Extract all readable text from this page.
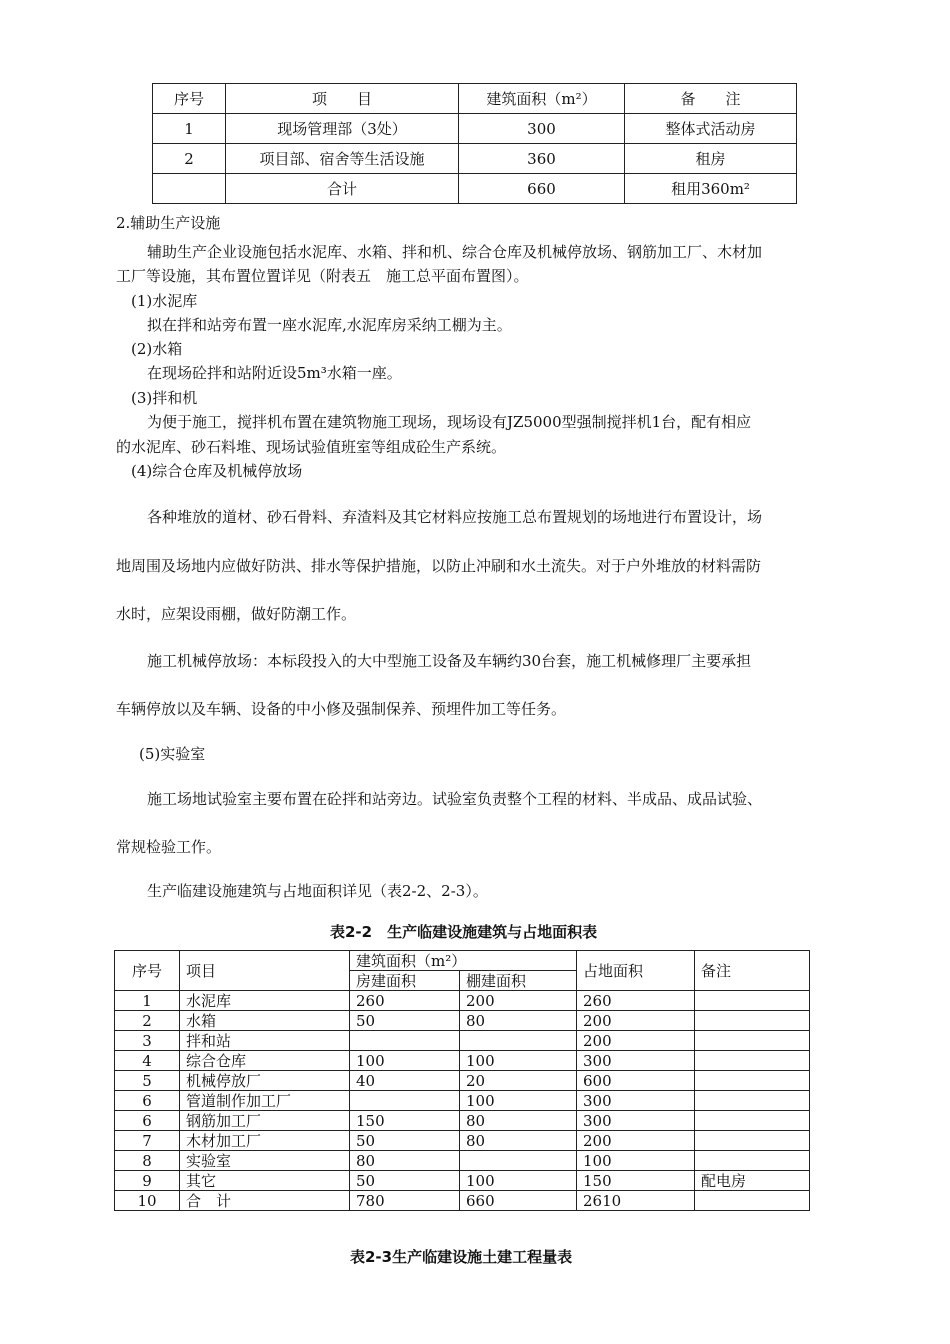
序号	项　　目	建筑面积（m²）	备　　注
1	现场管理部（3处）	300	整体式活动房
2	项目部、宿舍等生活设施	360	租房
	合计	660	租用360m²
2.辅助生产设施
辅助生产企业设施包括水泥库、水箱、拌和机、综合仓库及机械停放场、钢筋加工厂、木材加
工厂等设施，其布置位置详见（附表五　施工总平面布置图）。
(1)水泥库
拟在拌和站旁布置一座水泥库,水泥库房采纳工棚为主。
(2)水箱
在现场砼拌和站附近设5m³水箱一座。
(3)拌和机
为便于施工，搅拌机布置在建筑物施工现场，现场设有JZ5000型强制搅拌机1台，配有相应
的水泥库、砂石料堆、现场试验值班室等组成砼生产系统。
(4)综合仓库及机械停放场
各种堆放的道材、砂石骨料、弃渣料及其它材料应按施工总布置规划的场地进行布置设计，场
地周围及场地内应做好防洪、排水等保护措施，以防止冲刷和水土流失。对于户外堆放的材料需防
水时，应架设雨棚，做好防潮工作。
施工机械停放场：本标段投入的大中型施工设备及车辆约30台套，施工机械修理厂主要承担
车辆停放以及车辆、设备的中小修及强制保养、预埋件加工等任务。
(5)实验室
施工场地试验室主要布置在砼拌和站旁边。试验室负责整个工程的材料、半成品、成品试验、
常规检验工作。
生产临建设施建筑与占地面积详见（表2-2、2-3）。
表2-2　生产临建设施建筑与占地面积表
序号	项目	建筑面积（m²）		占地面积	备注
		房建面积	棚建面积		
1	水泥库	260	200	260	
2	水箱	50	80	200	
3	拌和站			200	
4	综合仓库	100	100	300	
5	机械停放厂	40	20	600	
6	管道制作加工厂		100	300	
6	钢筋加工厂	150	80	300	
7	木材加工厂	50	80	200	
8	实验室	80		100	
9	其它	50	100	150	配电房
10	合　计	780	660	2610	
表2-3生产临建设施土建工程量表
